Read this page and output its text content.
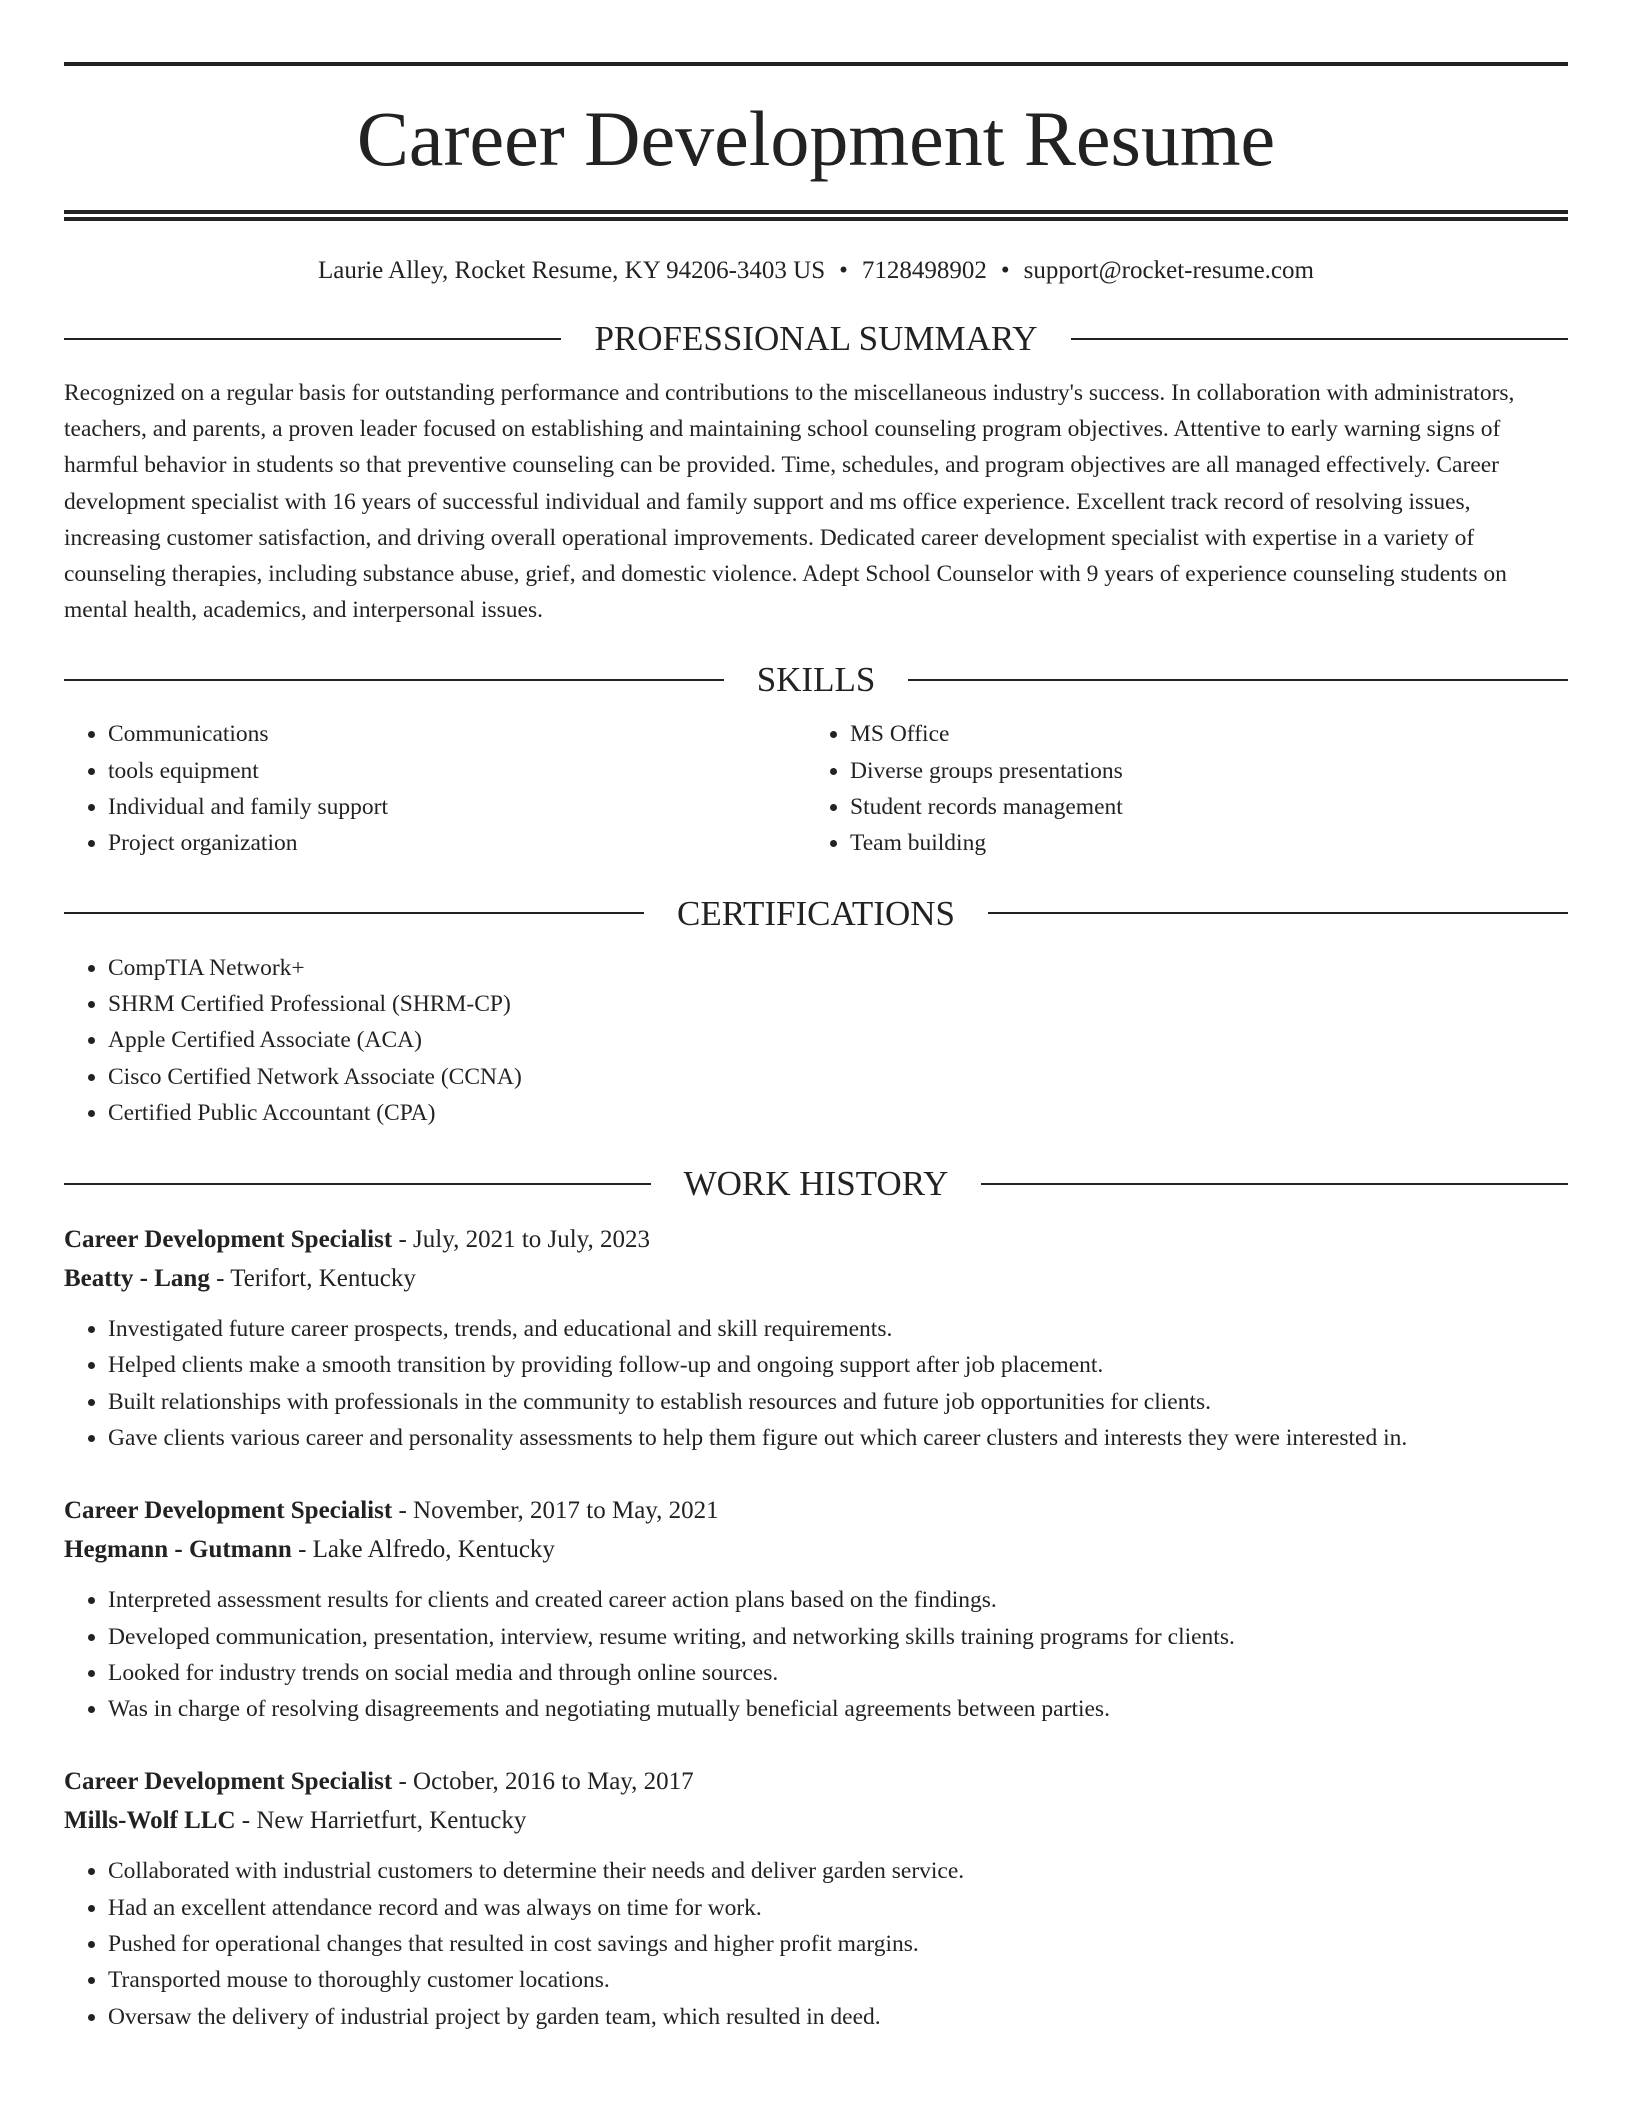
Career Development Resume
Laurie Alley, Rocket Resume, KY 94206-3403 US • 7128498902 • support@rocket-resume.com
PROFESSIONAL SUMMARY

Recognized on a regular basis for outstanding performance and contributions to the miscellaneous industry's success. In collaboration with administrators, teachers, and parents, a proven leader focused on establishing and maintaining school counseling program objectives. Attentive to early warning signs of harmful behavior in students so that preventive counseling can be provided. Time, schedules, and program objectives are all managed effectively. Career development specialist with 16 years of successful individual and family support and ms office experience. Excellent track record of resolving issues, increasing customer satisfaction, and driving overall operational improvements. Dedicated career development specialist with expertise in a variety of counseling therapies, including substance abuse, grief, and domestic violence. Adept School Counselor with 9 years of experience counseling students on mental health, academics, and interpersonal issues.

SKILLS
• Communications
• tools equipment
• Individual and family support
• Project organization
• MS Office
• Diverse groups presentations
• Student records management
• Team building
CERTIFICATIONS
• CompTIA Network+
• SHRM Certified Professional (SHRM-CP)
• Apple Certified Associate (ACA)
• Cisco Certified Network Associate (CCNA)
• Certified Public Accountant (CPA)
WORK HISTORY
Career Development Specialist - July, 2021 to July, 2023
Beatty - Lang - Terifort, Kentucky
• Investigated future career prospects, trends, and educational and skill requirements.
• Helped clients make a smooth transition by providing follow-up and ongoing support after job placement.
• Built relationships with professionals in the community to establish resources and future job opportunities for clients.
• Gave clients various career and personality assessments to help them figure out which career clusters and interests they were interested in.
Career Development Specialist - November, 2017 to May, 2021
Hegmann - Gutmann - Lake Alfredo, Kentucky
• Interpreted assessment results for clients and created career action plans based on the findings.
• Developed communication, presentation, interview, resume writing, and networking skills training programs for clients.
• Looked for industry trends on social media and through online sources.
• Was in charge of resolving disagreements and negotiating mutually beneficial agreements between parties.
Career Development Specialist - October, 2016 to May, 2017
Mills-Wolf LLC - New Harrietfurt, Kentucky
• Collaborated with industrial customers to determine their needs and deliver garden service.
• Had an excellent attendance record and was always on time for work.
• Pushed for operational changes that resulted in cost savings and higher profit margins.
• Transported mouse to thoroughly customer locations.
• Oversaw the delivery of industrial project by garden team, which resulted in deed.
